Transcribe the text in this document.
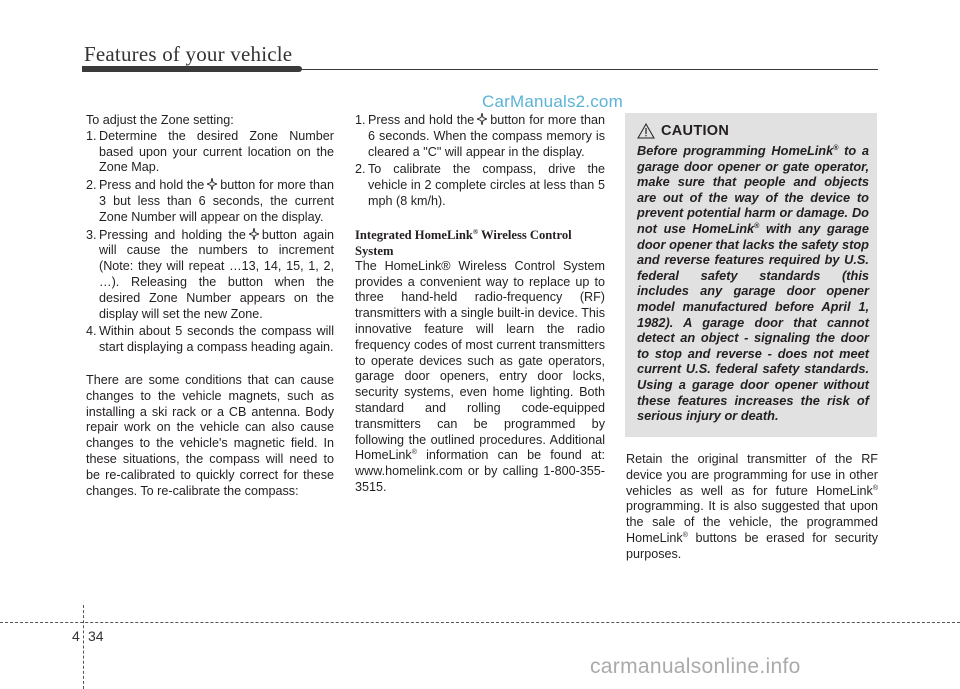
Features of your vehicle
CarManuals2.com

To adjust the Zone setting:

1. Determine the desired Zone Number based upon your current location on the Zone Map.
2. Press and hold the button for more than 3 but less than 6 seconds, the current Zone Number will appear on the display.
3. Pressing and holding the button again will cause the numbers to increment (Note: they will repeat …13, 14, 15, 1, 2, …). Releasing the button when the desired Zone Number appears on the display will set the new Zone.
4. Within about 5 seconds the compass will start displaying a compass heading again.

There are some conditions that can cause changes to the vehicle magnets, such as installing a ski rack or a CB antenna. Body repair work on the vehicle can also cause changes to the vehicle's magnetic field. In these situations, the compass will need to be re-calibrated to quickly correct for these changes. To re-calibrate the compass:

1. Press and hold the button for more than 6 seconds. When the compass memory is cleared a "C" will appear in the display.
2. To calibrate the compass, drive the vehicle in 2 complete circles at less than 5 mph (8 km/h).

Integrated HomeLink® Wireless Control System

The HomeLink® Wireless Control System provides a convenient way to replace up to three hand-held radio-frequency (RF) transmitters with a single built-in device. This innovative feature will learn the radio frequency codes of most current transmitters to operate devices such as gate operators, garage door openers, entry door locks, security systems, even home lighting. Both standard and rolling code-equipped transmitters can be programmed by following the outlined procedures. Additional HomeLink® information can be found at: www.homelink.com or by calling 1-800-355-3515.

CAUTION

Before programming HomeLink® to a garage door opener or gate operator, make sure that people and objects are out of the way of the device to prevent potential harm or damage. Do not use HomeLink® with any garage door opener that lacks the safety stop and reverse features required by U.S. federal safety standards (this includes any garage door opener model manufactured before April 1, 1982). A garage door that cannot detect an object - signaling the door to stop and reverse - does not meet current U.S. federal safety standards. Using a garage door opener without these features increases the risk of serious injury or death.

Retain the original transmitter of the RF device you are programming for use in other vehicles as well as for future HomeLink® programming. It is also suggested that upon the sale of the vehicle, the programmed HomeLink® buttons be erased for security purposes.

4 34
carmanualsonline.info
